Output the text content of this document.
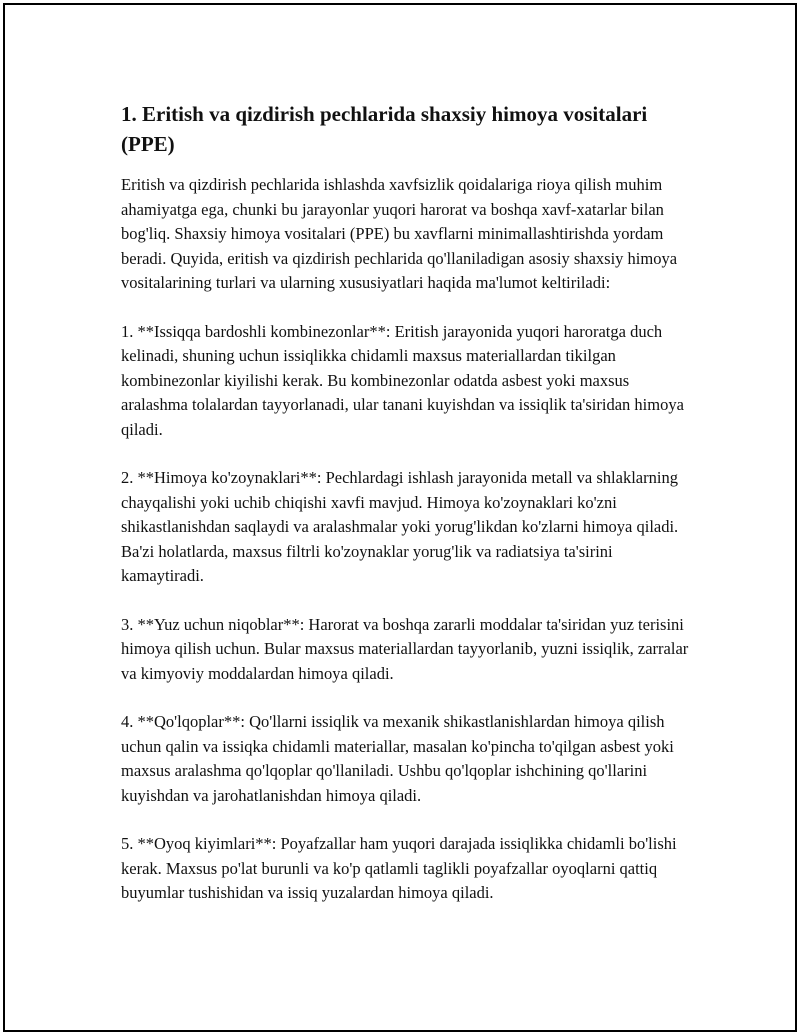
1. Eritish va qizdirish pechlarida shaxsiy himoya vositalari (PPE)

Eritish va qizdirish pechlarida ishlashda xavfsizlik qoidalariga rioya qilish muhim ahamiyatga ega, chunki bu jarayonlar yuqori harorat va boshqa xavf-xatarlar bilan bog'liq. Shaxsiy himoya vositalari (PPE) bu xavflarni minimallashtirishda yordam beradi. Quyida, eritish va qizdirish pechlarida qo'llaniladigan asosiy shaxsiy himoya vositalarining turlari va ularning xususiyatlari haqida ma'lumot keltiriladi:

1. **Issiqqa bardoshli kombinezonlar**: Eritish jarayonida yuqori haroratga duch kelinadi, shuning uchun issiqlikka chidamli maxsus materiallardan tikilgan kombinezonlar kiyilishi kerak. Bu kombinezonlar odatda asbest yoki maxsus aralashma tolalardan tayyorlanadi, ular tanani kuyishdan va issiqlik ta'siridan himoya qiladi.

2. **Himoya ko'zoynaklari**: Pechlardagi ishlash jarayonida metall va shlaklarning chayqalishi yoki uchib chiqishi xavfi mavjud. Himoya ko'zoynaklari ko'zni shikastlanishdan saqlaydi va aralashmalar yoki yorug'likdan ko'zlarni himoya qiladi. Ba'zi holatlarda, maxsus filtrli ko'zoynaklar yorug'lik va radiatsiya ta'sirini kamaytiradi.

3. **Yuz uchun niqoblar**: Harorat va boshqa zararli moddalar ta'siridan yuz terisini himoya qilish uchun. Bular maxsus materiallardan tayyorlanib, yuzni issiqlik, zarralar va kimyoviy moddalardan himoya qiladi.

4. **Qo'lqoplar**: Qo'llarni issiqlik va mexanik shikastlanishlardan himoya qilish uchun qalin va issiqka chidamli materiallar, masalan ko'pincha to'qilgan asbest yoki maxsus aralashma qo'lqoplar qo'llaniladi. Ushbu qo'lqoplar ishchining qo'llarini kuyishdan va jarohatlanishdan himoya qiladi.

5. **Oyoq kiyimlari**: Poyafzallar ham yuqori darajada issiqlikka chidamli bo'lishi kerak. Maxsus po'lat burunli va ko'p qatlamli taglikli poyafzallar oyoqlarni qattiq buyumlar tushishidan va issiq yuzalardan himoya qiladi.
